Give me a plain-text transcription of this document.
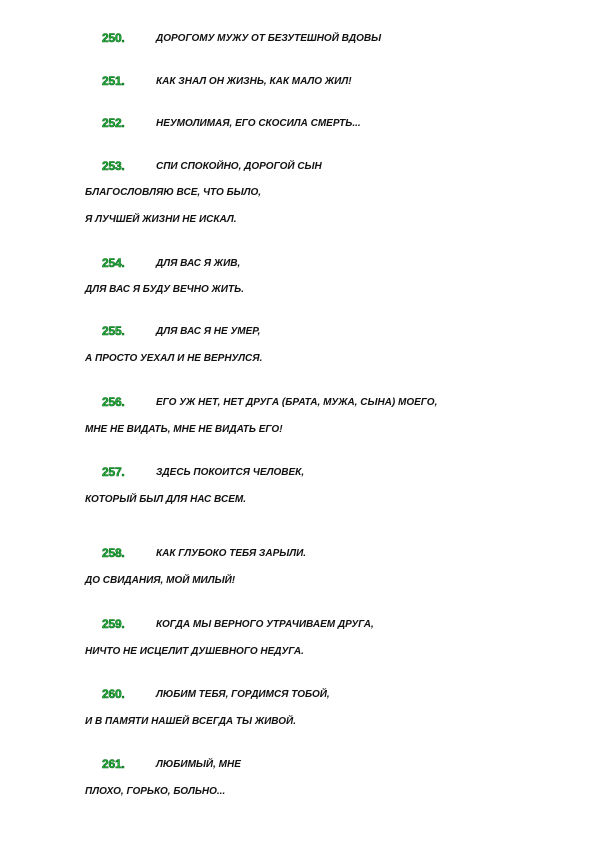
250.	ДОРОГОМУ МУЖУ ОТ БЕЗУТЕШНОЙ ВДОВЫ
251.	КАК ЗНАЛ ОН ЖИЗНЬ, КАК МАЛО ЖИЛ!
252.	НЕУМОЛИМАЯ, ЕГО СКОСИЛА СМЕРТЬ...
253.	СПИ СПОКОЙНО, ДОРОГОЙ СЫН
БЛАГОСЛОВЛЯЮ ВСЕ, ЧТО БЫЛО,
Я ЛУЧШЕЙ ЖИЗНИ НЕ ИСКАЛ.
254.	ДЛЯ ВАС Я ЖИВ,
ДЛЯ ВАС Я БУДУ ВЕЧНО ЖИТЬ.
255.	ДЛЯ ВАС Я НЕ УМЕР,
А ПРОСТО УЕХАЛ И НЕ ВЕРНУЛСЯ.
256.	ЕГО УЖ НЕТ, НЕТ ДРУГА (БРАТА, МУЖА, СЫНА) МОЕГО,
МНЕ НЕ ВИДАТЬ, МНЕ НЕ ВИДАТЬ ЕГО!
257.	ЗДЕСЬ ПОКОИТСЯ ЧЕЛОВЕК,
КОТОРЫЙ БЫЛ ДЛЯ НАС ВСЕМ.
258.	КАК ГЛУБОКО ТЕБЯ ЗАРЫЛИ.
ДО СВИДАНИЯ, МОЙ МИЛЫЙ!
259.	КОГДА МЫ ВЕРНОГО УТРАЧИВАЕМ ДРУГА,
НИЧТО НЕ ИСЦЕЛИТ ДУШЕВНОГО НЕДУГА.
260.	ЛЮБИМ ТЕБЯ, ГОРДИМСЯ ТОБОЙ,
И В ПАМЯТИ НАШЕЙ ВСЕГДА ТЫ ЖИВОЙ.
261.	ЛЮБИМЫЙ, МНЕ
ПЛОХО, ГОРЬКО, БОЛЬНО...
